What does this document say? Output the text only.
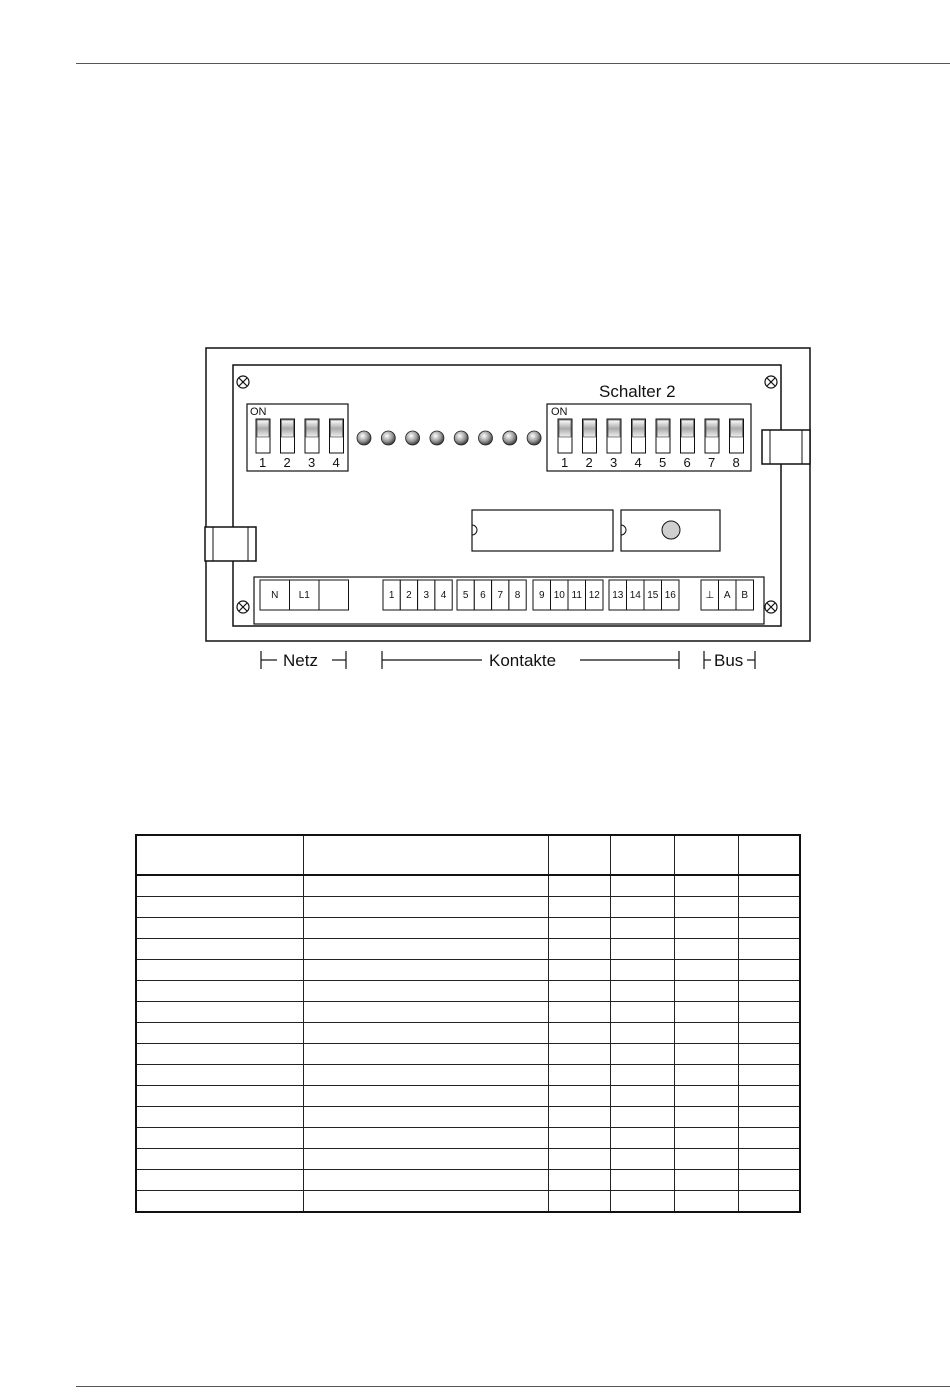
ON
1 2 3 4
Schalter 2
ON
1 2 3 4 5 6 7 8
N L1	1 2 3 4 5 6 7 8 9 10 11 12 13 14 15 16	⊥ A B
Netz	Kontakte	Bus
